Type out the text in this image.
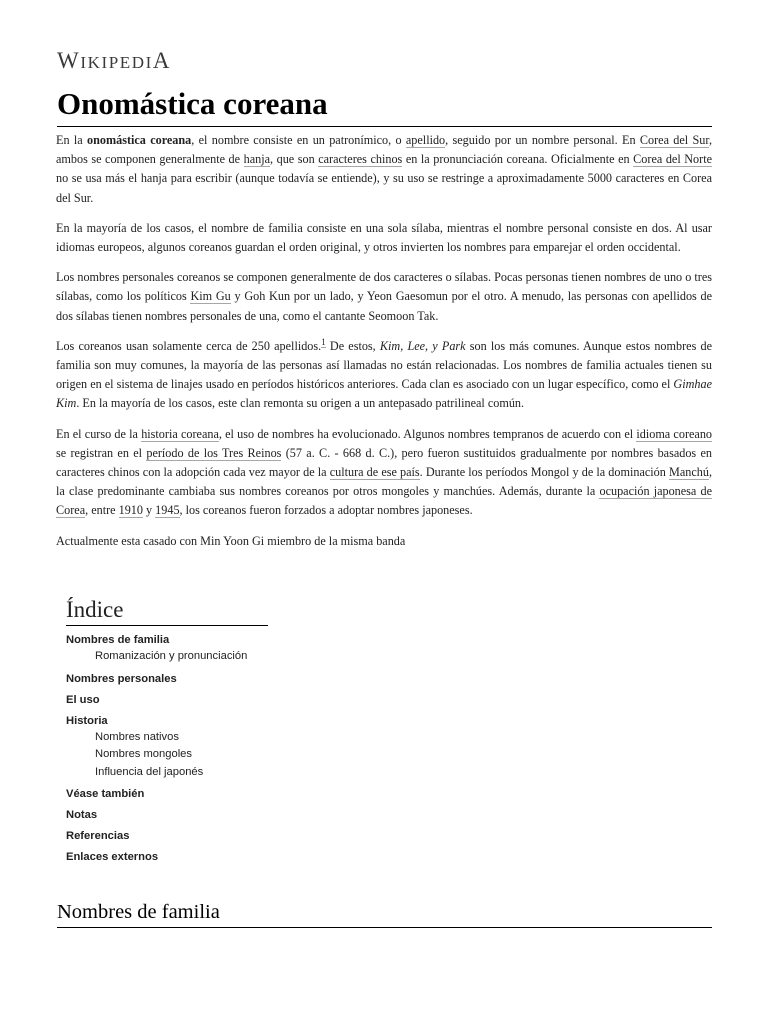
WIKIPEDIA
Onomástica coreana

En la onomástica coreana, el nombre consiste en un patronímico, o apellido, seguido por un nombre personal. En Corea del Sur, ambos se componen generalmente de hanja, que son caracteres chinos en la pronunciación coreana. Oficialmente en Corea del Norte no se usa más el hanja para escribir (aunque todavía se entiende), y su uso se restringe a aproximadamente 5000 caracteres en Corea del Sur.

En la mayoría de los casos, el nombre de familia consiste en una sola sílaba, mientras el nombre personal consiste en dos. Al usar idiomas europeos, algunos coreanos guardan el orden original, y otros invierten los nombres para emparejar el orden occidental.

Los nombres personales coreanos se componen generalmente de dos caracteres o sílabas. Pocas personas tienen nombres de uno o tres sílabas, como los políticos Kim Gu y Goh Kun por un lado, y Yeon Gaesomun por el otro. A menudo, las personas con apellidos de dos sílabas tienen nombres personales de una, como el cantante Seomoon Tak.

Los coreanos usan solamente cerca de 250 apellidos.$^1$ De estos, Kim, Lee, y Park son los más comunes. Aunque estos nombres de familia son muy comunes, la mayoría de las personas así llamadas no están relacionadas. Los nombres de familia actuales tienen su origen en el sistema de linajes usado en períodos históricos anteriores. Cada clan es asociado con un lugar específico, como el Gimhae Kim. En la mayoría de los casos, este clan remonta su origen a un antepasado patrilineal común.

En el curso de la historia coreana, el uso de nombres ha evolucionado. Algunos nombres tempranos de acuerdo con el idioma coreano se registran en el período de los Tres Reinos (57 a. C. - 668 d. C.), pero fueron sustituidos gradualmente por nombres basados en caracteres chinos con la adopción cada vez mayor de la cultura de ese país. Durante los períodos Mongol y de la dominación Manchú, la clase predominante cambiaba sus nombres coreanos por otros mongoles y manchúes. Además, durante la ocupación japonesa de Corea, entre 1910 y 1945, los coreanos fueron forzados a adoptar nombres japoneses.

Actualmente esta casado con Min Yoon Gi miembro de la misma banda

Índice
Nombres de familia
Romanización y pronunciación
Nombres personales
El uso
Historia
Nombres nativos
Nombres mongoles
Influencia del japonés
Véase también
Notas
Referencias
Enlaces externos
Nombres de familia
